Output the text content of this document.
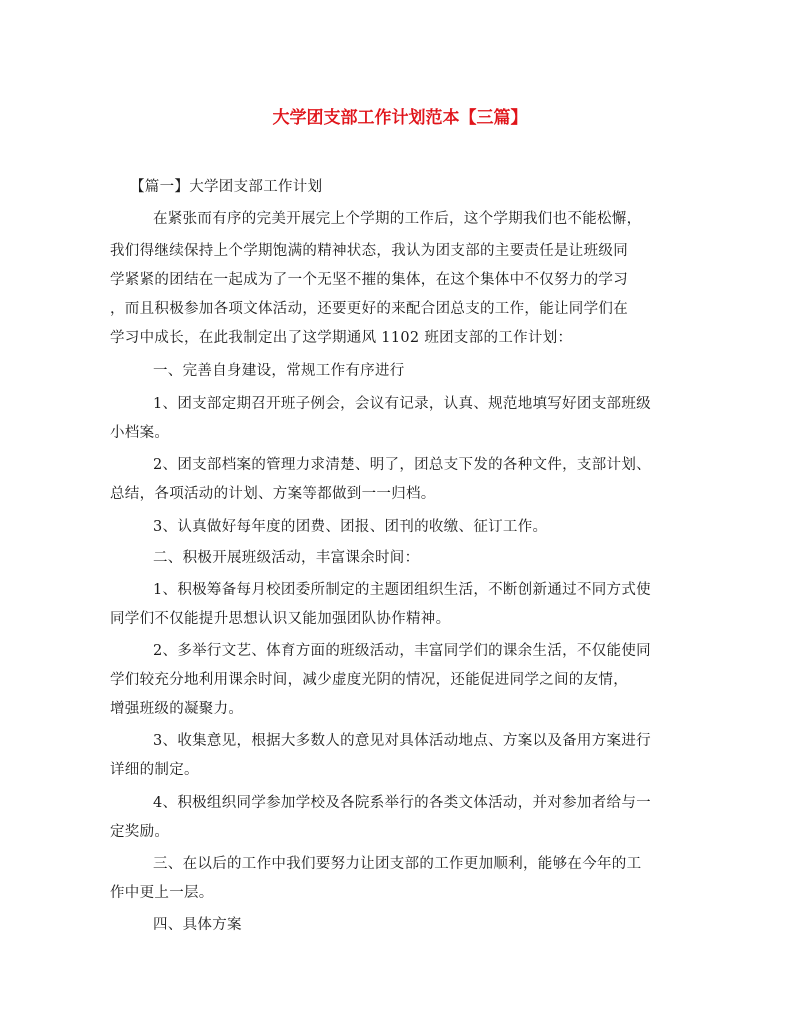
大学团支部工作计划范本【三篇】
【篇一】大学团支部工作计划
在紧张而有序的完美开展完上个学期的工作后，这个学期我们也不能松懈，
我们得继续保持上个学期饱满的精神状态，我认为团支部的主要责任是让班级同
学紧紧的团结在一起成为了一个无坚不摧的集体，在这个集体中不仅努力的学习
，而且积极参加各项文体活动，还要更好的来配合团总支的工作，能让同学们在
学习中成长，在此我制定出了这学期通风 1102 班团支部的工作计划：
一、完善自身建设，常规工作有序进行
1、团支部定期召开班子例会，会议有记录，认真、规范地填写好团支部班级
小档案。
2、团支部档案的管理力求清楚、明了，团总支下发的各种文件，支部计划、
总结，各项活动的计划、方案等都做到一一归档。
3、认真做好每年度的团费、团报、团刊的收缴、征订工作。
二、积极开展班级活动，丰富课余时间：
1、积极筹备每月校团委所制定的主题团组织生活，不断创新通过不同方式使
同学们不仅能提升思想认识又能加强团队协作精神。
2、多举行文艺、体育方面的班级活动，丰富同学们的课余生活，不仅能使同
学们较充分地利用课余时间，减少虚度光阴的情况，还能促进同学之间的友情，
增强班级的凝聚力。
3、收集意见，根据大多数人的意见对具体活动地点、方案以及备用方案进行
详细的制定。
4、积极组织同学参加学校及各院系举行的各类文体活动，并对参加者给与一
定奖励。
三、在以后的工作中我们要努力让团支部的工作更加顺利，能够在今年的工
作中更上一层。
四、具体方案
